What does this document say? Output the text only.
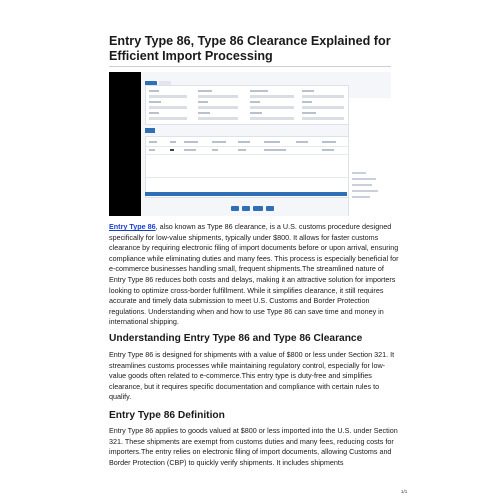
Entry Type 86, Type 86 Clearance Explained for Efficient Import Processing

Entry Type 86, also known as Type 86 clearance, is a U.S. customs procedure designed specifically for low-value shipments, typically under $800. It allows for faster customs clearance by requiring electronic filing of import documents before or upon arrival, ensuring compliance while eliminating duties and many fees. This process is especially beneficial for e-commerce businesses handling small, frequent shipments.The streamlined nature of Entry Type 86 reduces both costs and delays, making it an attractive solution for importers looking to optimize cross-border fulfillment. While it simplifies clearance, it still requires accurate and timely data submission to meet U.S. Customs and Border Protection regulations. Understanding when and how to use Type 86 can save time and money in international shipping.

Understanding Entry Type 86 and Type 86 Clearance

Entry Type 86 is designed for shipments with a value of $800 or less under Section 321. It streamlines customs processes while maintaining regulatory control, especially for low-value goods often related to e-commerce.This entry type is duty-free and simplifies clearance, but it requires specific documentation and compliance with certain rules to qualify.

Entry Type 86 Definition

Entry Type 86 applies to goods valued at $800 or less imported into the U.S. under Section 321. These shipments are exempt from customs duties and many fees, reducing costs for importers.The entry relies on electronic filing of import documents, allowing Customs and Border Protection (CBP) to quickly verify shipments. It includes shipments

1/1
